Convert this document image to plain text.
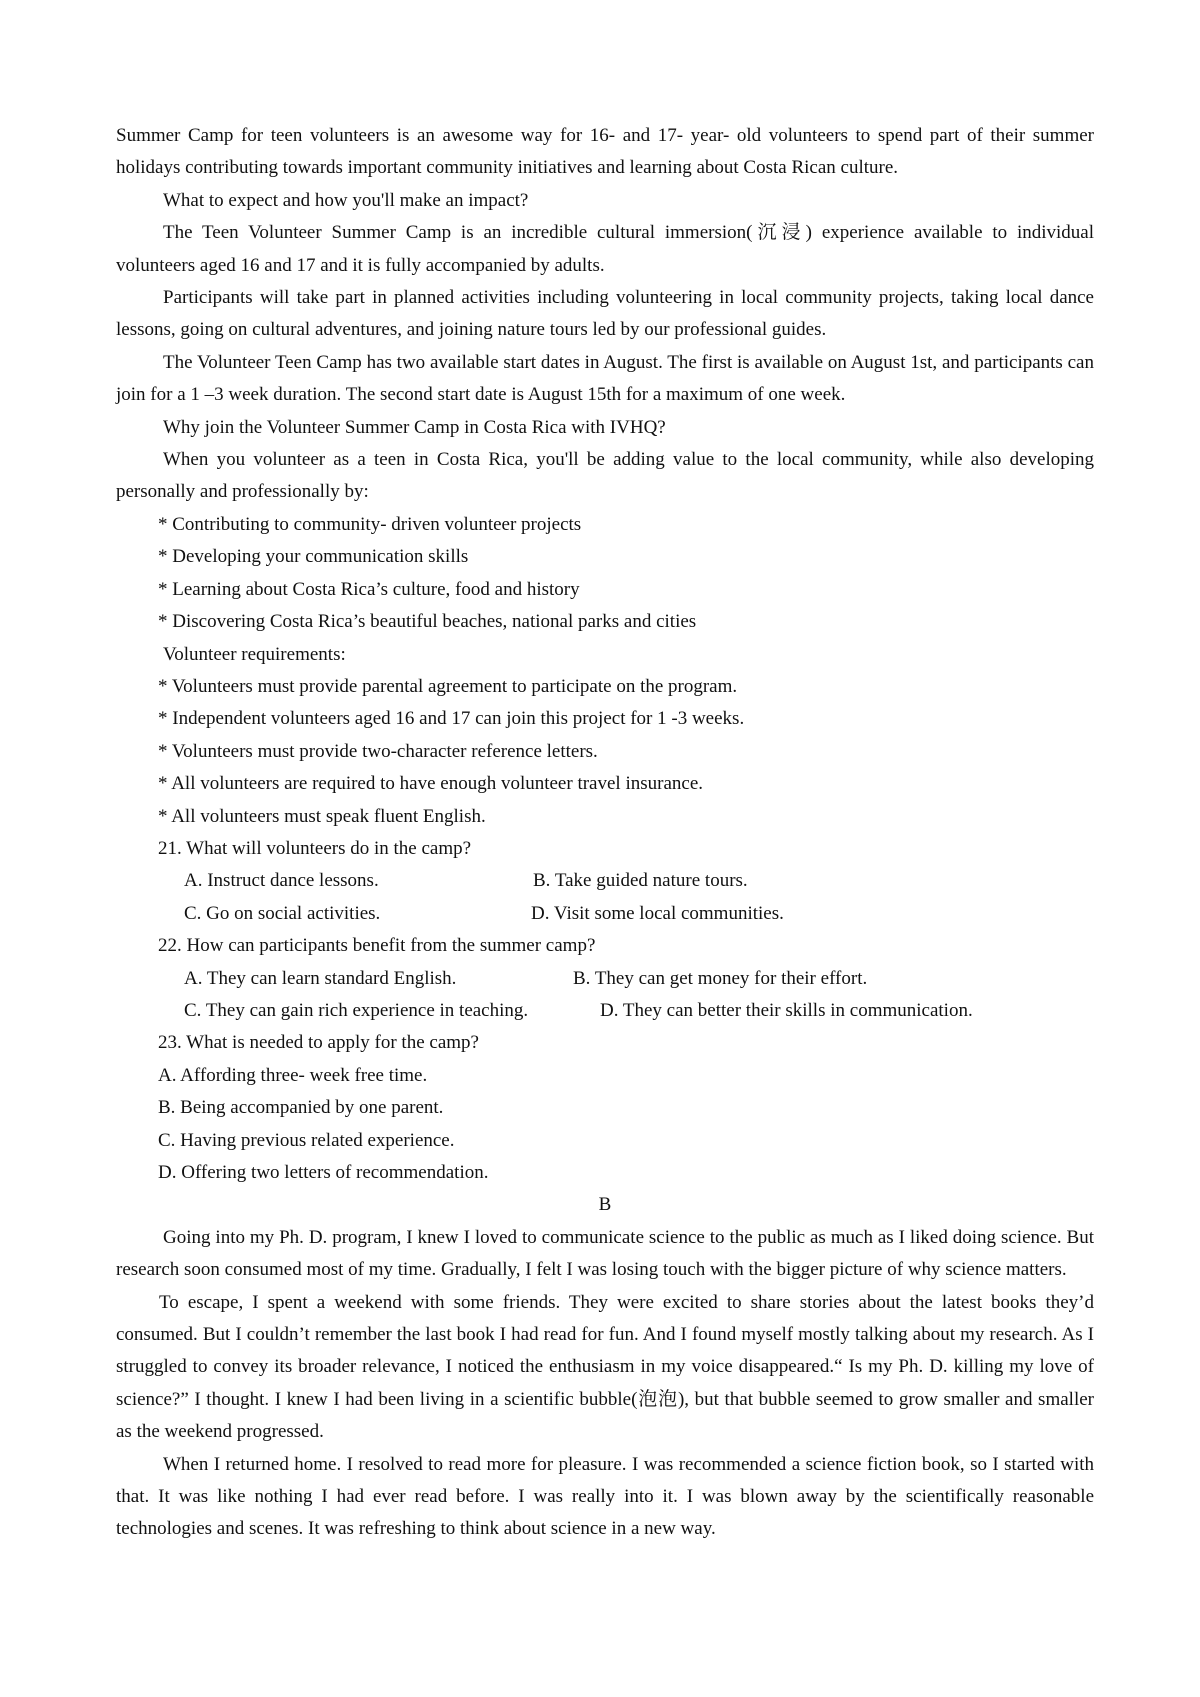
Summer Camp for teen volunteers is an awesome way for 16- and 17- year- old volunteers to spend part of their summer holidays contributing towards important community initiatives and learning about Costa Rican culture.

What to expect and how you'll make an impact?

The Teen Volunteer Summer Camp is an incredible cultural immersion(沉浸) experience available to individual volunteers aged 16 and 17 and it is fully accompanied by adults.

Participants will take part in planned activities including volunteering in local community projects, taking local dance lessons, going on cultural adventures, and joining nature tours led by our professional guides.

The Volunteer Teen Camp has two available start dates in August. The first is available on August 1st, and participants can join for a 1 –3 week duration. The second start date is August 15th for a maximum of one week.

Why join the Volunteer Summer Camp in Costa Rica with IVHQ?

When you volunteer as a teen in Costa Rica, you'll be adding value to the local community, while also developing personally and professionally by:

* Contributing to community- driven volunteer projects

* Developing your communication skills

* Learning about Costa Rica’s culture, food and history

* Discovering Costa Rica’s beautiful beaches, national parks and cities

Volunteer requirements:

* Volunteers must provide parental agreement to participate on the program.

* Independent volunteers aged 16 and 17 can join this project for 1 -3 weeks.

* Volunteers must provide two-character reference letters.

* All volunteers are required to have enough volunteer travel insurance.

* All volunteers must speak fluent English.

21. What will volunteers do in the camp?

A. Instruct dance lessons.	B. Take guided nature tours.
C. Go on social activities.	D. Visit some local communities.

22. How can participants benefit from the summer camp?

A. They can learn standard English.	B. They can get money for their effort.
C. They can gain rich experience in teaching.	D. They can better their skills in communication.

23. What is needed to apply for the camp?

A. Affording three- week free time.

B. Being accompanied by one parent.

C. Having previous related experience.

D. Offering two letters of recommendation.

B

Going into my Ph. D. program, I knew I loved to communicate science to the public as much as I liked doing science. But research soon consumed most of my time. Gradually, I felt I was losing touch with the bigger picture of why science matters.

To escape, I spent a weekend with some friends. They were excited to share stories about the latest books they’d consumed. But I couldn’t remember the last book I had read for fun. And I found myself mostly talking about my research. As I struggled to convey its broader relevance, I noticed the enthusiasm in my voice disappeared.“ Is my Ph. D. killing my love of science?” I thought. I knew I had been living in a scientific bubble(泡泡), but that bubble seemed to grow smaller and smaller as the weekend progressed.

When I returned home. I resolved to read more for pleasure. I was recommended a science fiction book, so I started with that. It was like nothing I had ever read before. I was really into it. I was blown away by the scientifically reasonable technologies and scenes. It was refreshing to think about science in a new way.
